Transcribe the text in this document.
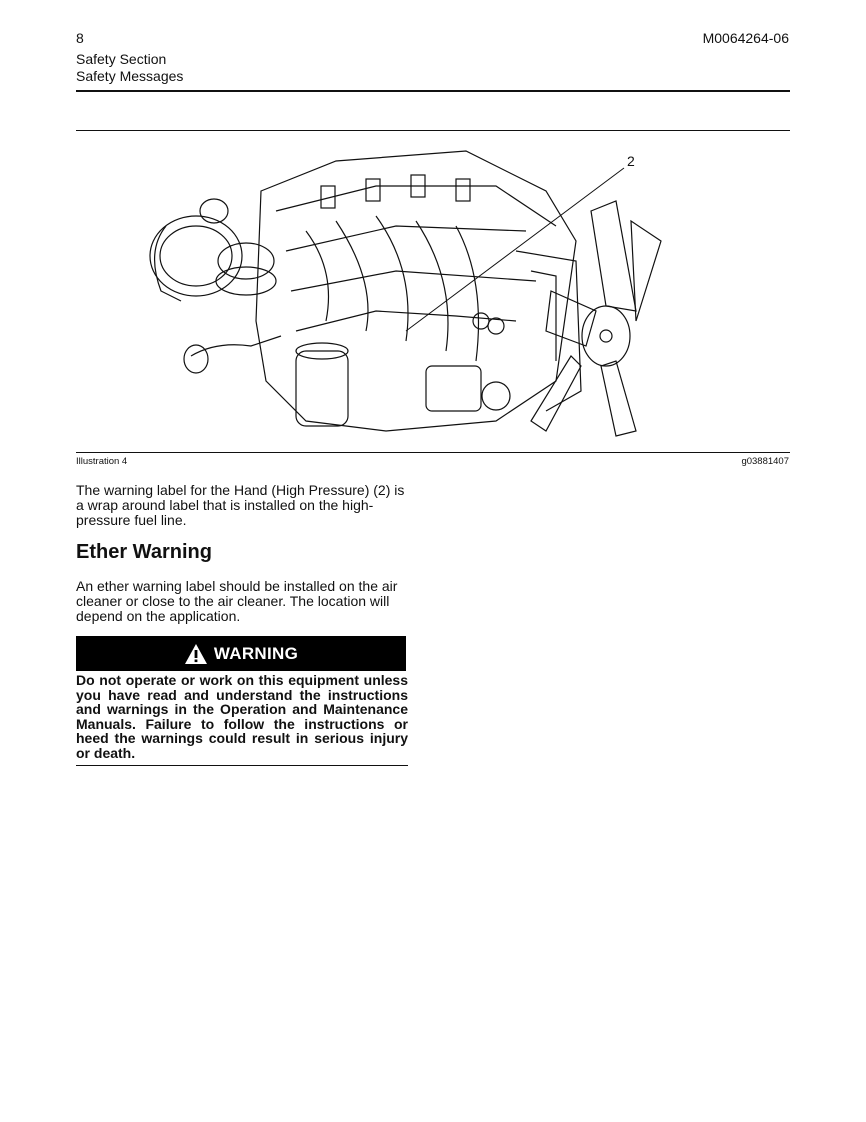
8	M0064264-06
Safety Section
Safety Messages
2
Illustration 4	g03881407
The warning label for the Hand (High Pressure) (2) is a wrap around label that is installed on the high-pressure fuel line.
Ether Warning
An ether warning label should be installed on the air cleaner or close to the air cleaner. The location will depend on the application.
WARNING
Do not operate or work on this equipment unless you have read and understand the instructions and warnings in the Operation and Maintenance Manuals. Failure to follow the instructions or heed the warnings could result in serious injury or death.
